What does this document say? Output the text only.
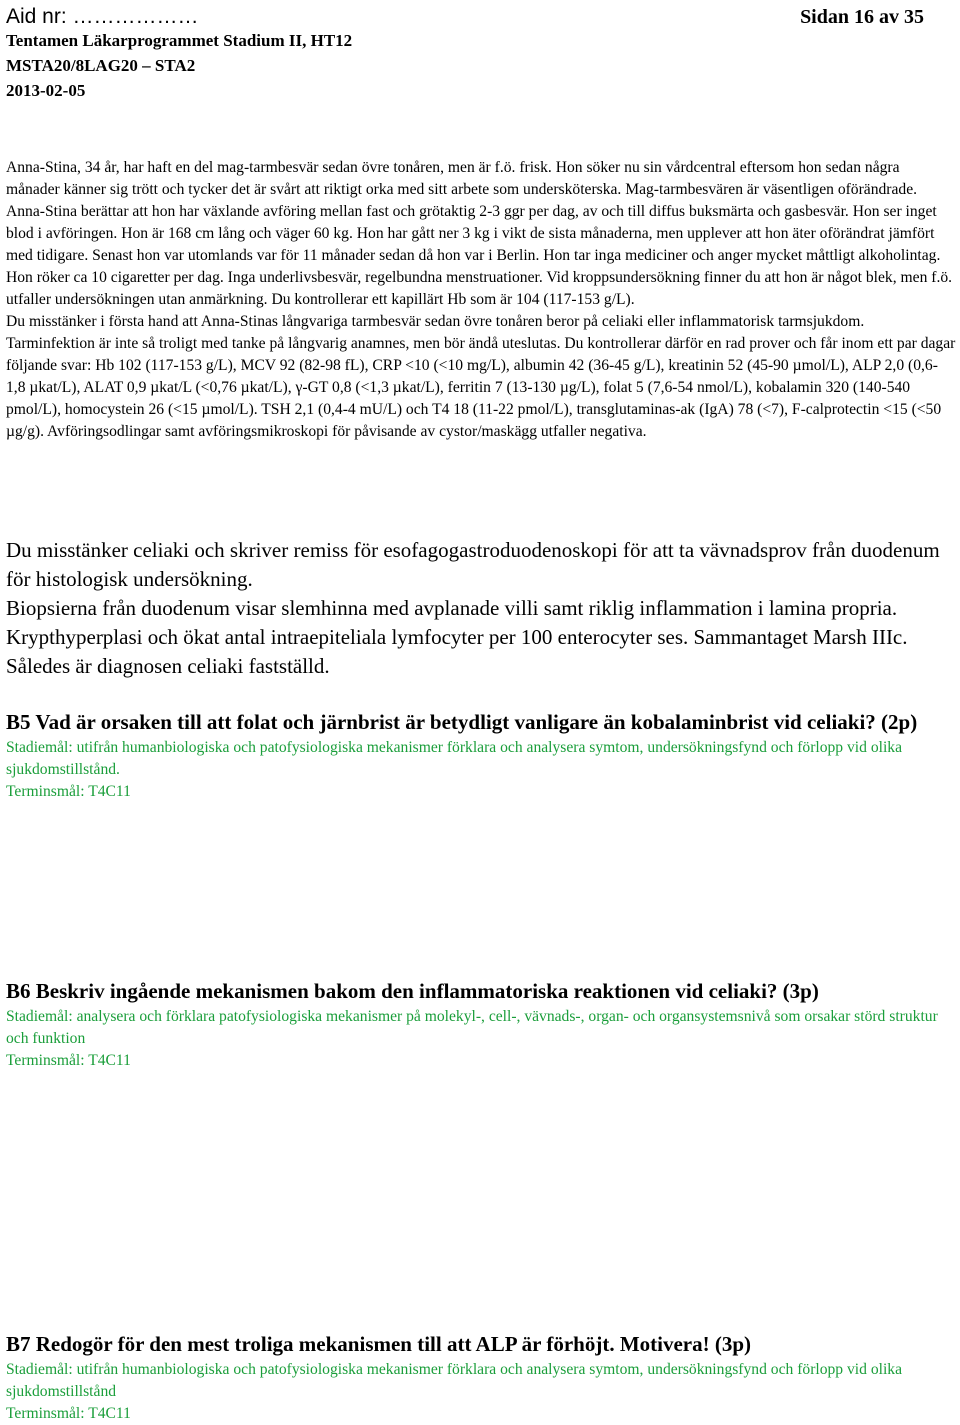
Aid nr: ………………	Sidan 16 av 35
Tentamen Läkarprogrammet Stadium II, HT12
MSTA20/8LAG20 – STA2
2013-02-05

Anna-Stina, 34 år, har haft en del mag-tarmbesvär sedan övre tonåren, men är f.ö. frisk. Hon söker nu sin vårdcentral eftersom hon sedan några månader känner sig trött och tycker det är svårt att riktigt orka med sitt arbete som undersköterska. Mag-tarmbesvären är väsentligen oförändrade. Anna-Stina berättar att hon har växlande avföring mellan fast och grötaktig 2-3 ggr per dag, av och till diffus buksmärta och gasbesvär. Hon ser inget blod i avföringen. Hon är 168 cm lång och väger 60 kg. Hon har gått ner 3 kg i vikt de sista månaderna, men upplever att hon äter oförändrat jämfört med tidigare. Senast hon var utomlands var för 11 månader sedan då hon var i Berlin. Hon tar inga mediciner och anger mycket måttligt alkoholintag. Hon röker ca 10 cigaretter per dag. Inga underlivsbesvär, regelbundna menstruationer. Vid kroppsundersökning finner du att hon är något blek, men f.ö. utfaller undersökningen utan anmärkning. Du kontrollerar ett kapillärt Hb som är 104 (117-153 g/L).

Du misstänker i första hand att Anna-Stinas långvariga tarmbesvär sedan övre tonåren beror på celiaki eller inflammatorisk tarmsjukdom. Tarminfektion är inte så troligt med tanke på långvarig anamnes, men bör ändå uteslutas. Du kontrollerar därför en rad prover och får inom ett par dagar följande svar: Hb 102 (117-153 g/L), MCV 92 (82-98 fL), CRP <10 (<10 mg/L), albumin 42 (36-45 g/L), kreatinin 52 (45-90 µmol/L), ALP 2,0 (0,6-1,8 µkat/L), ALAT 0,9 µkat/L (<0,76 µkat/L), γ-GT 0,8 (<1,3 µkat/L), ferritin 7 (13-130 µg/L), folat 5 (7,6-54 nmol/L), kobalamin 320 (140-540 pmol/L), homocystein 26 (<15 µmol/L). TSH 2,1 (0,4-4 mU/L) och T4 18 (11-22 pmol/L), transglutaminas-ak (IgA) 78 (<7), F-calprotectin <15 (<50 µg/g). Avföringsodlingar samt avföringsmikroskopi för påvisande av cystor/maskägg utfaller negativa.

Du misstänker celiaki och skriver remiss för esofagogastroduodenoskopi för att ta vävnadsprov från duodenum för histologisk undersökning.

Biopsierna från duodenum visar slemhinna med avplanade villi samt riklig inflammation i lamina propria. Krypthyperplasi och ökat antal intraepiteliala lymfocyter per 100 enterocyter ses. Sammantaget Marsh IIIc. Således är diagnosen celiaki fastställd.

B5 Vad är orsaken till att folat och järnbrist är betydligt vanligare än kobalaminbrist vid celiaki? (2p)

Stadiemål: utifrån humanbiologiska och patofysiologiska mekanismer förklara och analysera symtom, undersökningsfynd och förlopp vid olika sjukdomstillstånd.

Terminsmål: T4C11

B6 Beskriv ingående mekanismen bakom den inflammatoriska reaktionen vid celiaki? (3p)

Stadiemål: analysera och förklara patofysiologiska mekanismer på molekyl-, cell-, vävnads-, organ- och organsystemsnivå som orsakar störd struktur och funktion

Terminsmål: T4C11

B7 Redogör för den mest troliga mekanismen till att ALP är förhöjt. Motivera! (3p)

Stadiemål: utifrån humanbiologiska och patofysiologiska mekanismer förklara och analysera symtom, undersökningsfynd och förlopp vid olika sjukdomstillstånd

Terminsmål: T4C11
